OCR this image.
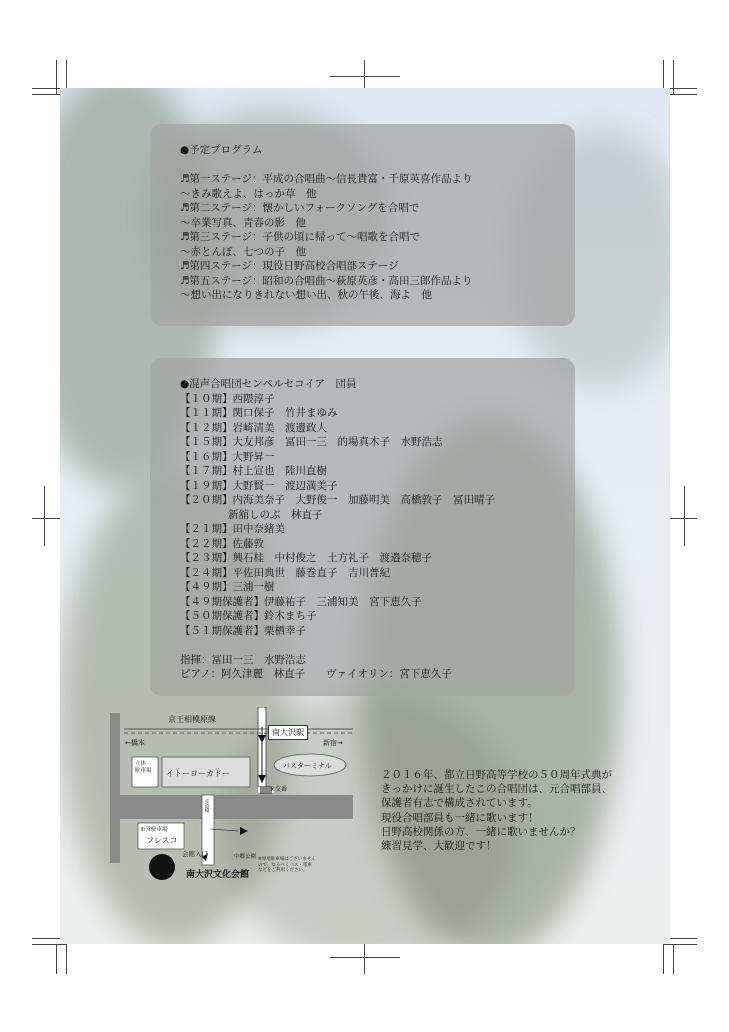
●予定プログラム
♬第一ステージ：平成の合唱曲〜信長貴富・千原英喜作品より
〜きみ歌えよ、はっか草　他
♬第二ステージ：懐かしいフォークソングを合唱で
〜卒業写真、青春の影　他
♬第三ステージ：子供の頃に帰って〜唱歌を合唱で
〜赤とんぼ、七つの子　他
♬第四ステージ：現役日野高校合唱部ステージ
♬第五ステージ：昭和の合唱曲〜萩原英彦・高田三郎作品より
〜想い出になりきれない想い出、秋の午後、海よ　他
●混声合唱団センペルセコイア　団員
【１０期】西隈淳子
【１１期】関口保子　竹井まゆみ
【１２期】岩崎清美　渡邊政人
【１５期】大友邦彦　冨田一三　的場真木子　水野浩志
【１６期】大野昇一
【１７期】村上宣也　陸川直樹
【１９期】大野賢一　渡辺満美子
【２０期】内海美奈子　大野俊一　加藤明美　高橋敦子　冨田晴子
新舘しのぶ　林直子
【２１期】田中奈緒美
【２２期】佐藤敦
【２３期】興石桂　中村俊之　土方礼子　渡邉奈穂子
【２４期】平佐田典世　藤巻直子　吉川普紀
【４９期】三浦一樹
【４９期保護者】伊藤祐子　三浦知美　宮下恵久子
【５０期保護者】鈴木まち子
【５１期保護者】栗栖幸子
指揮：冨田一三　水野浩志
ピアノ：阿久津麗　林直子　　ヴァイオリン：宮下恵久子
京王相模原線
←橋本	新宿→
南大沢駅
立体
駐車場 イトーヨーカドー
バスターミナル
×交番
歩道橋
市営駐車場
フレスコ
会館入口	中郷公園
南大沢文化会館
※専用駐車場はございません
ので、なるべくバス・電車
などをご利用ください。
２０１６年、都立日野高等学校の５０周年式典が
きっかけに誕生したこの合唱団は、元合唱部員、
保護者有志で構成されています。
現役合唱部員も一緒に歌います！
日野高校関係の方、一緒に歌いませんか？
練習見学、大歓迎です！
